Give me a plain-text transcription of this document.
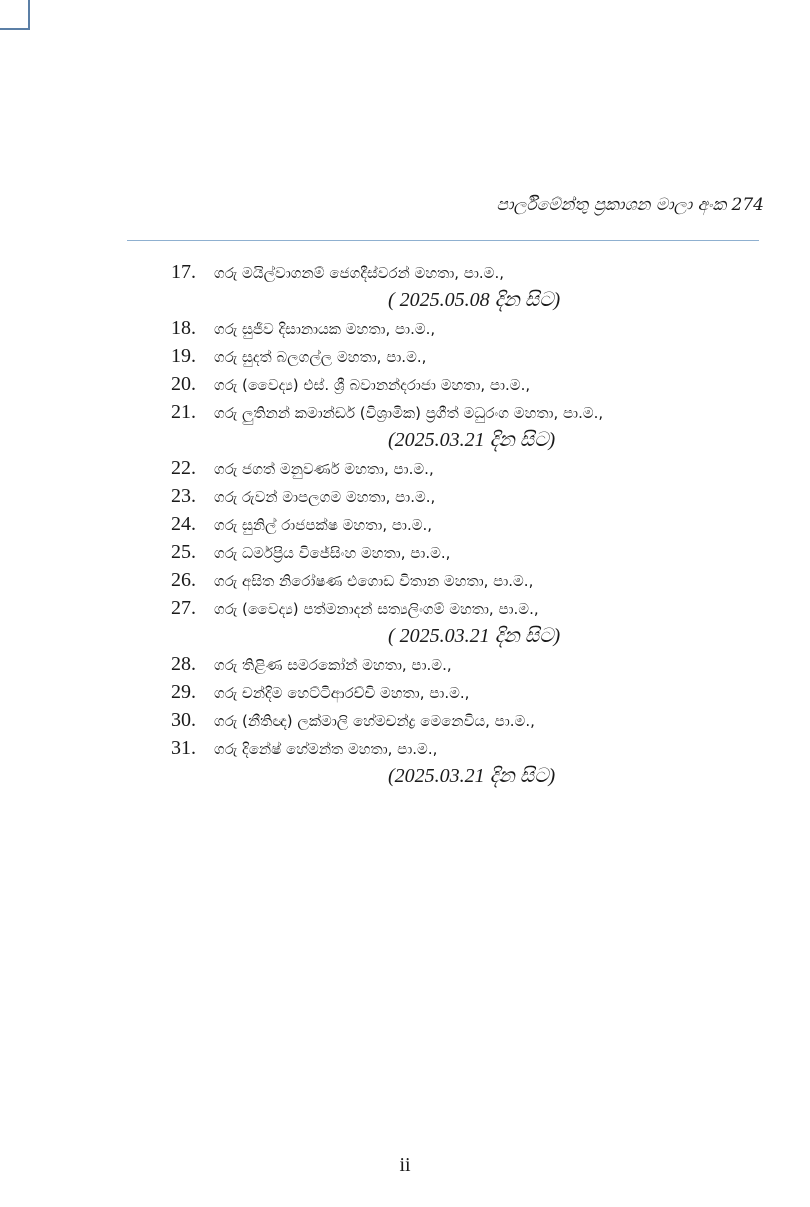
පාර්ලිමේන්තු ප්‍රකාශන මාලා අංක 274
17. ගරු මයිල්වාගනම් ජෙගදීස්වරන් මහතා, පා.ම.,
( 2025.05.08 දින සිට)
18. ගරු සුජීව දිසානායක මහතා, පා.ම.,
19. ගරු සුදත් බලගල්ල මහතා, පා.ම.,
20. ගරු (වෛද්‍ය) එස්. ශ්‍රී බවානන්දරාජා මහතා, පා.ම.,
21. ගරු ලුතිනන් කමාන්ඩර් (විශ්‍රාමික) ප්‍රගීත් මධුරංග මහතා, පා.ම.,
(2025.03.21 දින සිට)
22. ගරු ජගත් මනුවර්ණ මහතා, පා.ම.,
23. ගරු රුවන් මාපලගම මහතා, පා.ම.,
24. ගරු සුනිල් රාජපක්ෂ මහතා, පා.ම.,
25. ගරු ධර්මප්‍රිය විජේසිංහ මහතා, පා.ම.,
26. ගරු අසිත නිරෝෂණ එගොඩ විතාන මහතා, පා.ම.,
27. ගරු (වෛද්‍ය) පත්මනාදන් සත්‍යලිංගම් මහතා, පා.ම.,
( 2025.03.21 දින සිට)
28. ගරු තිළිණ සමරකෝන් මහතා, පා.ම.,
29. ගරු චන්දිම හෙට්ටිආරච්චි මහතා, පා.ම.,
30. ගරු (නීතිඥ) ලක්මාලි හේමචන්ද්‍ර මෙනෙවිය, පා.ම.,
31. ගරු දිනේෂ් හේමන්ත මහතා, පා.ම.,
(2025.03.21 දින සිට)
ii
